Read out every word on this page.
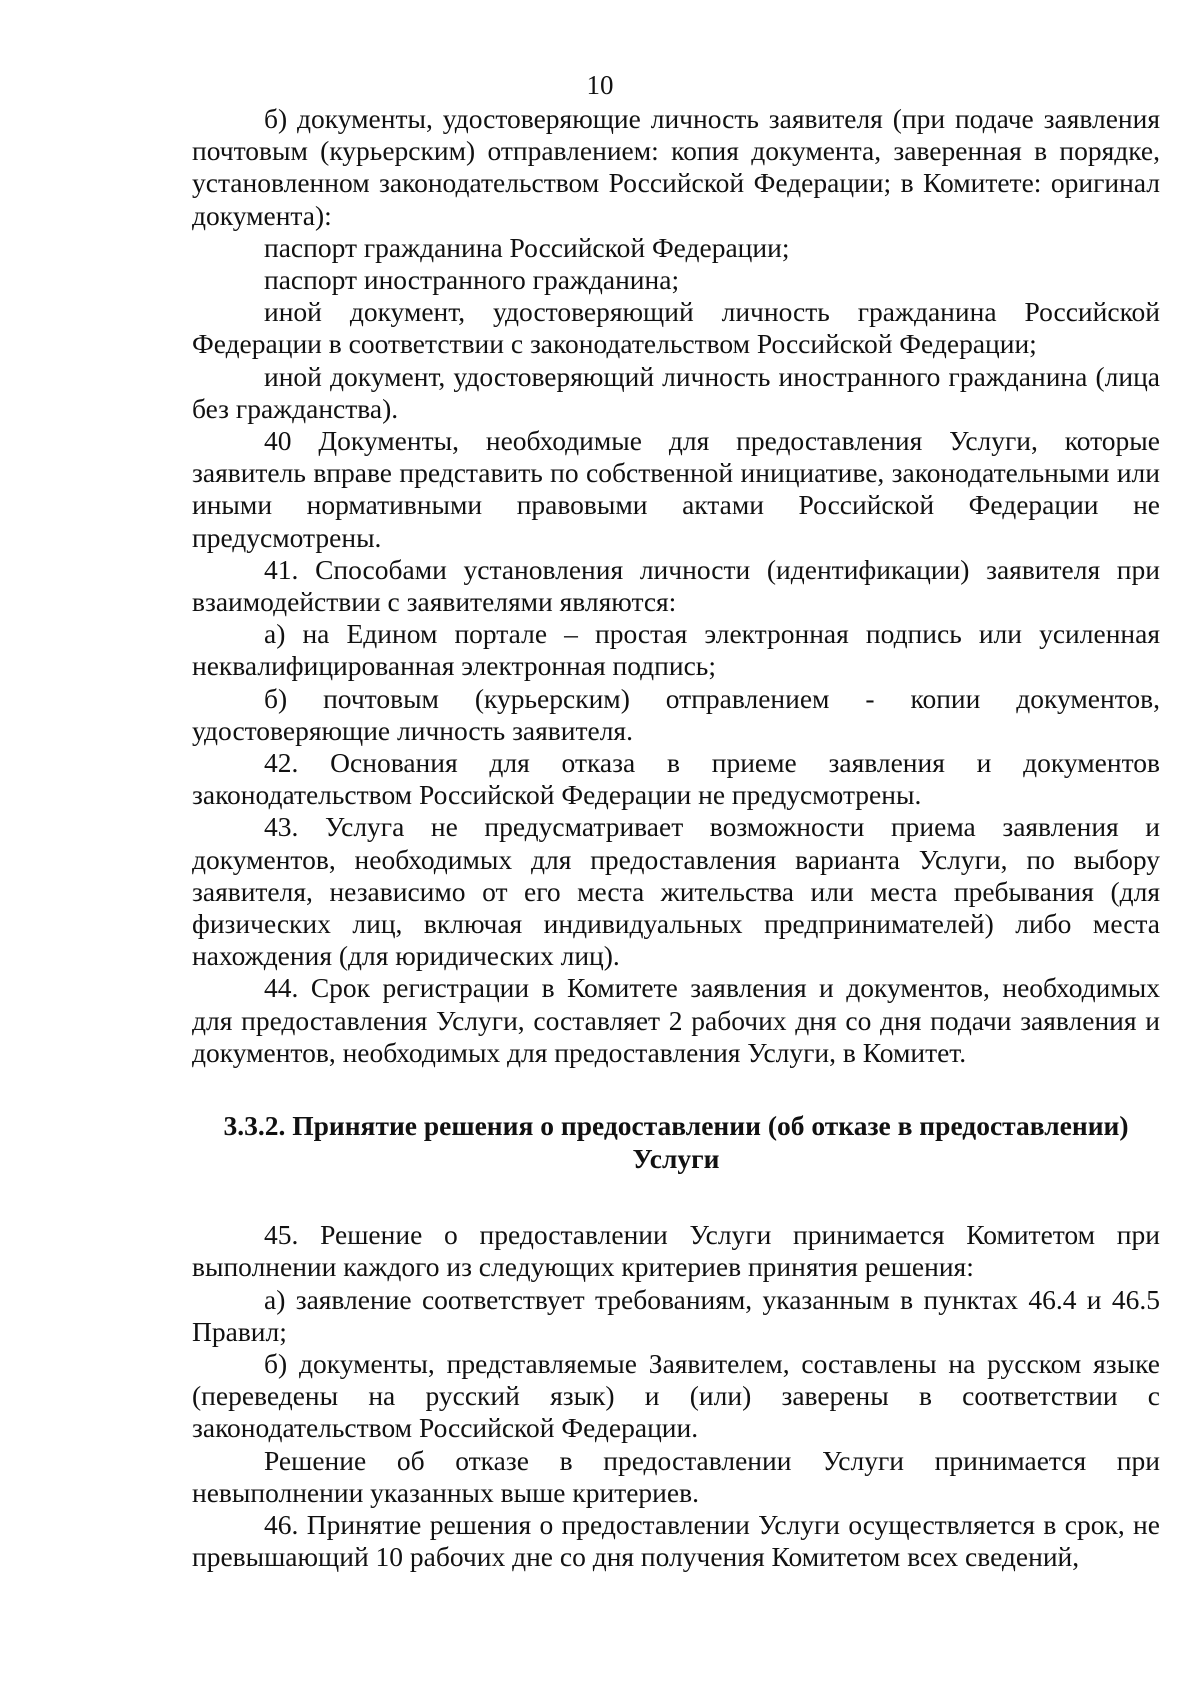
10

б) документы, удостоверяющие личность заявителя (при подаче заявления почтовым (курьерским) отправлением: копия документа, заверенная в порядке, установленном законодательством Российской Федерации; в Комитете: оригинал документа):

паспорт гражданина Российской Федерации;

паспорт иностранного гражданина;

иной документ, удостоверяющий личность гражданина Российской Федерации в соответствии с законодательством Российской Федерации;

иной документ, удостоверяющий личность иностранного гражданина (лица без гражданства).

40 Документы, необходимые для предоставления Услуги, которые заявитель вправе представить по собственной инициативе, законодательными или иными нормативными правовыми актами Российской Федерации не предусмотрены.

41. Способами установления личности (идентификации) заявителя при взаимодействии с заявителями являются:

а) на Едином портале – простая электронная подпись или усиленная неквалифицированная электронная подпись;

б) почтовым (курьерским) отправлением - копии документов, удостоверяющие личность заявителя.

42. Основания для отказа в приеме заявления и документов законодательством Российской Федерации не предусмотрены.

43. Услуга не предусматривает возможности приема заявления и документов, необходимых для предоставления варианта Услуги, по выбору заявителя, независимо от его места жительства или места пребывания (для физических лиц, включая индивидуальных предпринимателей) либо места нахождения (для юридических лиц).

44. Срок регистрации в Комитете заявления и документов, необходимых для предоставления Услуги, составляет 2 рабочих дня со дня подачи заявления и документов, необходимых для предоставления Услуги, в Комитет.

3.3.2. Принятие решения о предоставлении (об отказе в предоставлении) Услуги

45. Решение о предоставлении Услуги принимается Комитетом при выполнении каждого из следующих критериев принятия решения:

а) заявление соответствует требованиям, указанным в пунктах 46.4 и 46.5 Правил;

б) документы, представляемые Заявителем, составлены на русском языке (переведены на русский язык) и (или) заверены в соответствии с законодательством Российской Федерации.

Решение об отказе в предоставлении Услуги принимается при невыполнении указанных выше критериев.

46. Принятие решения о предоставлении Услуги осуществляется в срок, не превышающий 10 рабочих дне со дня получения Комитетом всех сведений,
